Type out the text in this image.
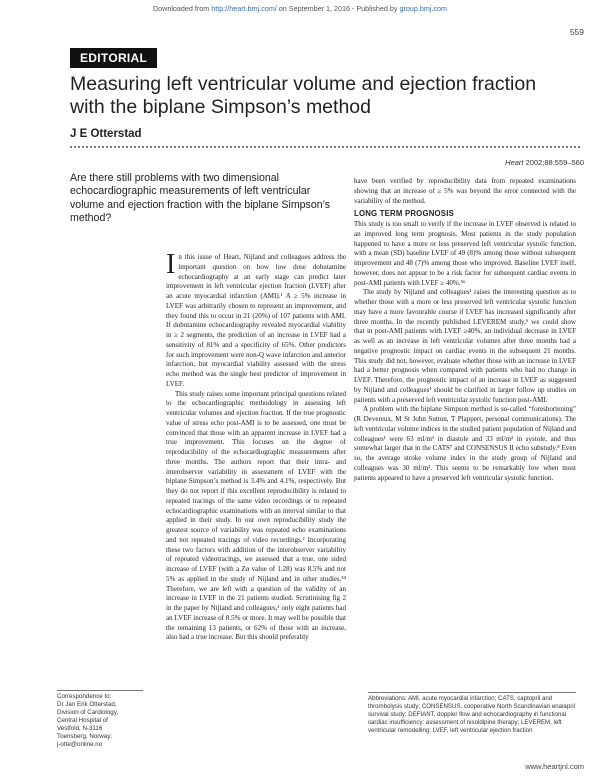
Downloaded from http://heart.bmj.com/ on September 1, 2016 - Published by group.bmj.com
559
EDITORIAL
Measuring left ventricular volume and ejection fraction with the biplane Simpson’s method
J E Otterstad
Heart 2002;88:559–560
Are there still problems with two dimensional echocardiographic measurements of left ventricular volume and ejection fraction with the biplane Simpson’s method?

In this issue of Heart, Nijland and colleagues address the important question on how low dose dobutamine echocardiography at an early stage can predict later improvement in left ventricular ejection fraction (LVEF) after an acute myocardial infarction (AMI).¹ A ≥ 5% increase in LVEF was arbitrarily chosen to represent an improvement, and they found this to occur in 21 (20%) of 107 patients with AMI. If dobutamine echocardiography revealed myocardial viability in ≥ 2 segments, the prediction of an increase in LVEF had a sensitivity of 81% and a specificity of 65%. Other predictors for such improvement were non-Q wave infarction and anterior infarction, but myocardial viability assessed with the stress echo method was the single best predictor of improvement in LVEF.

This study raises some important principal questions related to the echocardiographic methodology in assessing left ventricular volumes and ejection fraction. If the true prognostic value of stress echo post-AMI is to be assessed, one must be convinced that those with an apparent increase in LVEF had a true improvement. This focuses on the degree of reproducibility of the echocardiographic measurements after three months. The authors report that their intra- and interobserver variability in assessment of LVEF with the biplane Simpson’s method is 3.4% and 4.1%, respectively. But they do not report if this excellent reproducibility is related to repeated tracings of the same video recordings or to repeated echocardiographic examinations with an interval similar to that applied in their study. In our own reproducibility study the greatest source of variability was repeated echo examinations and not repeated tracings of video recordings.² Incorporating these two factors with addition of the interobserver variability of repeated videotracings, we assessed that a true, one sided increase of LVEF (with a Zα value of 1.28) was 8.5% and not 5% as applied in the study of Nijland and in other studies.³⁴ Therefore, we are left with a question of the validity of an increase in LVEF in the 21 patients studied. Scrutinising fig 2 in the paper by Nijland and colleagues,¹ only eight patients had an LVEF increase of 8.5% or more. It may well be possible that the remaining 13 patients, or 62% of those with an increase, also had a true increase. But this should preferably

have been verified by reproducibility data from repeated examinations showing that an increase of ≥ 5% was beyond the error connected with the variability of the method.

LONG TERM PROGNOSIS

This study is too small to verify if the increase in LVEF observed is related to an improved long term prognosis. Most patients in the study population happened to have a more or less preserved left ventricular systolic function, with a mean (SD) baseline LVEF of 49 (8)% among those without subsequent improvement and 48 (7)% among those who improved. Baseline LVEF itself, however, does not appear to be a risk factor for subsequent cardiac events in post-AMI patients with LVEF ≥ 40%.⁵⁶

The study by Nijland and colleagues¹ raises the interesting question as to whether those with a more or less preserved left ventricular systolic function may have a more favourable course if LVEF has increased significantly after three months. In the recently published LEVEREM study,⁶ we could show that in post-AMI patients with LVEF ≥40%, an individual decrease in LVEF as well as an increase in left ventricular volumes after three months had a negative prognostic impact on cardiac events in the subsequent 21 months. This study did not, however, evaluate whether those with an increase in LVEF had a better prognosis when compared with patients who had no change in LVEF. Therefore, the prognostic impact of an increase in LVEF as suggested by Nijland and colleagues¹ should be clarified in larger follow up studies on patients with a preserved left ventricular systolic function post-AMI.

A problem with the biplane Simpson method is so-called “foreshortening” (R Devereux, M St John Sutton, T Plappert, personal communications). The left ventricular volume indices in the studied patient population of Nijland and colleagues¹ were 63 ml/m² in diastole and 33 ml/m² in systole, and thus somewhat larger that in the CATS⁷ and CONSENSUS II echo substudy.⁸ Even so, the average stroke volume index in the study group of Nijland and colleagues was 30 ml/m². This seems to be remarkably low when most patients appeared to have a preserved left ventricular systolic function.

Correspondence to:
Dr Jan Erik Otterstad,
Division of Cardiology,
Central Hospital of
Vestfold, N-3116
Toensberg, Norway;
j-otte@online.no
Abbreviations: AMI, acute myocardial infarction; CATS, captopril and thrombolysis study; CONSENSUS, cooperative North Scandinavian enalapril survival study; DEFIANT, doppler flow and echocardiography in functional cardiac insufficiency: assessment of nisoldipine therapy; LEVEREM, left ventricular remodelling; LVEF, left ventricular ejection fraction
www.heartjnl.com
